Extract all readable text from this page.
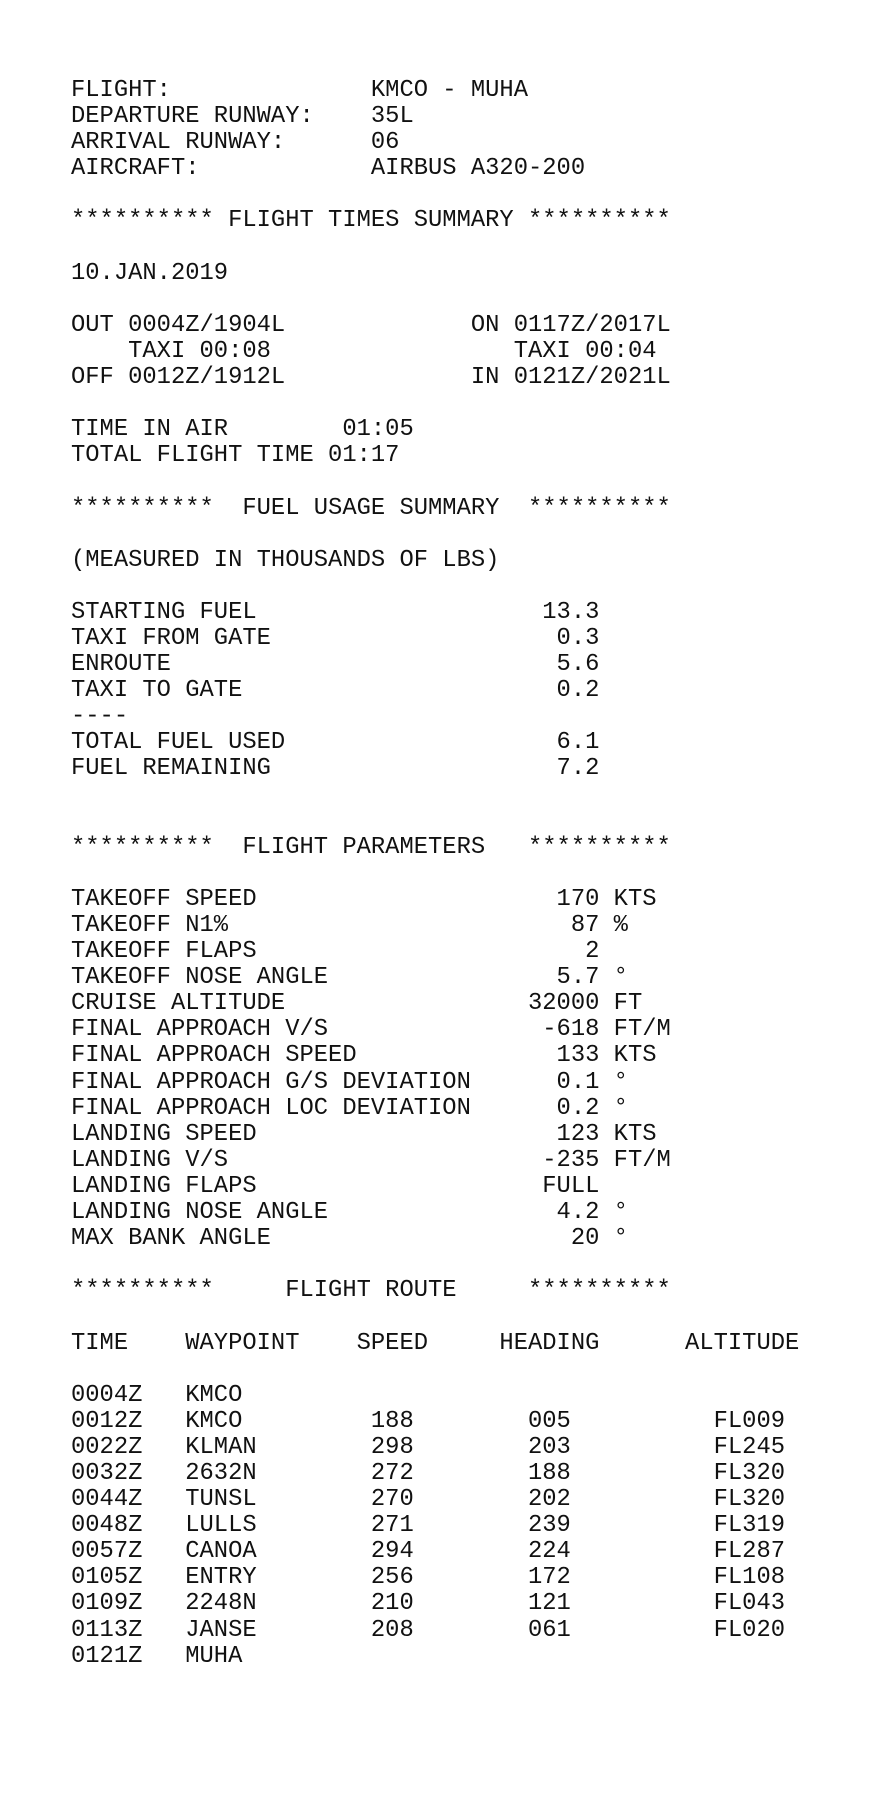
FLIGHT:              KMCO - MUHA
DEPARTURE RUNWAY:    35L
ARRIVAL RUNWAY:      06
AIRCRAFT:            AIRBUS A320-200
********** FLIGHT TIMES SUMMARY **********
10.JAN.2019
OUT 0004Z/1904L             ON 0117Z/2017L
TAXI 00:08                 TAXI 00:04
OFF 0012Z/1912L             IN 0121Z/2021L
TIME IN AIR        01:05
TOTAL FLIGHT TIME 01:17
**********  FUEL USAGE SUMMARY  **********
(MEASURED IN THOUSANDS OF LBS)
STARTING FUEL                    13.3
TAXI FROM GATE                    0.3
ENROUTE                           5.6
TAXI TO GATE                      0.2
----
TOTAL FUEL USED                   6.1
FUEL REMAINING                    7.2
**********  FLIGHT PARAMETERS   **********
TAKEOFF SPEED                     170 KTS
TAKEOFF N1%                        87 %
TAKEOFF FLAPS                       2
TAKEOFF NOSE ANGLE                5.7 °
CRUISE ALTITUDE                 32000 FT
FINAL APPROACH V/S               -618 FT/M
FINAL APPROACH SPEED              133 KTS
FINAL APPROACH G/S DEVIATION      0.1 °
FINAL APPROACH LOC DEVIATION      0.2 °
LANDING SPEED                     123 KTS
LANDING V/S                      -235 FT/M
LANDING FLAPS                    FULL
LANDING NOSE ANGLE                4.2 °
MAX BANK ANGLE                     20 °
**********     FLIGHT ROUTE     **********
TIME    WAYPOINT    SPEED     HEADING      ALTITUDE
0004Z   KMCO
0012Z   KMCO         188        005          FL009
0022Z   KLMAN        298        203          FL245
0032Z   2632N        272        188          FL320
0044Z   TUNSL        270        202          FL320
0048Z   LULLS        271        239          FL319
0057Z   CANOA        294        224          FL287
0105Z   ENTRY        256        172          FL108
0109Z   2248N        210        121          FL043
0113Z   JANSE        208        061          FL020
0121Z   MUHA
